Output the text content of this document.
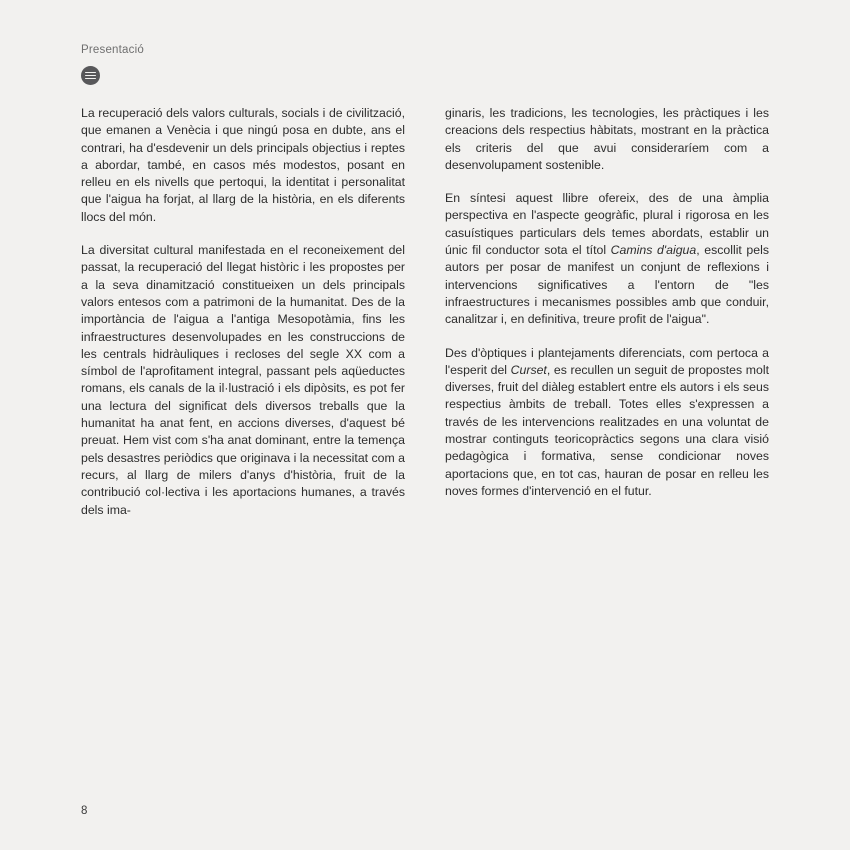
Presentació

La recuperació dels valors culturals, socials i de civilització, que emanen a Venècia i que ningú posa en dubte, ans el contrari, ha d'esdevenir un dels principals objectius i reptes a abordar, també, en casos més modestos, posant en relleu en els nivells que pertoqui, la identitat i personalitat que l'aigua ha forjat, al llarg de la història, en els diferents llocs del món.

La diversitat cultural manifestada en el reconeixement del passat, la recuperació del llegat històric i les propostes per a la seva dinamització constitueixen un dels principals valors entesos com a patrimoni de la humanitat. Des de la importància de l'aigua a l'antiga Mesopotàmia, fins les infraestructures desenvolupades en les construccions de les centrals hidràuliques i recloses del segle XX com a símbol de l'aprofitament integral, passant pels aqüeductes romans, els canals de la il·lustració i els dipòsits, es pot fer una lectura del significat dels diversos treballs que la humanitat ha anat fent, en accions diverses, d'aquest bé preuat. Hem vist com s'ha anat dominant, entre la temença pels desastres periòdics que originava i la necessitat com a recurs, al llarg de milers d'anys d'història, fruit de la contribució col·lectiva i les aportacions humanes, a través dels ima-

ginaris, les tradicions, les tecnologies, les pràctiques i les creacions dels respectius hàbitats, mostrant en la pràctica els criteris del que avui consideraríem com a desenvolupament sostenible.

En síntesi aquest llibre ofereix, des de una àmplia perspectiva en l'aspecte geogràfic, plural i rigorosa en les casuístiques particulars dels temes abordats, establir un únic fil conductor sota el títol Camins d'aigua, escollit pels autors per posar de manifest un conjunt de reflexions i intervencions significatives a l'entorn de "les infraestructures i mecanismes possibles amb que conduir, canalitzar i, en definitiva, treure profit de l'aigua".

Des d'òptiques i plantejaments diferenciats, com pertoca a l'esperit del Curset, es recullen un seguit de propostes molt diverses, fruit del diàleg establert entre els autors i els seus respectius àmbits de treball. Totes elles s'expressen a través de les intervencions realitzades en una voluntat de mostrar continguts teoricopràctics segons una clara visió pedagògica i formativa, sense condicionar noves aportacions que, en tot cas, hauran de posar en relleu les noves formes d'intervenció en el futur.

8
